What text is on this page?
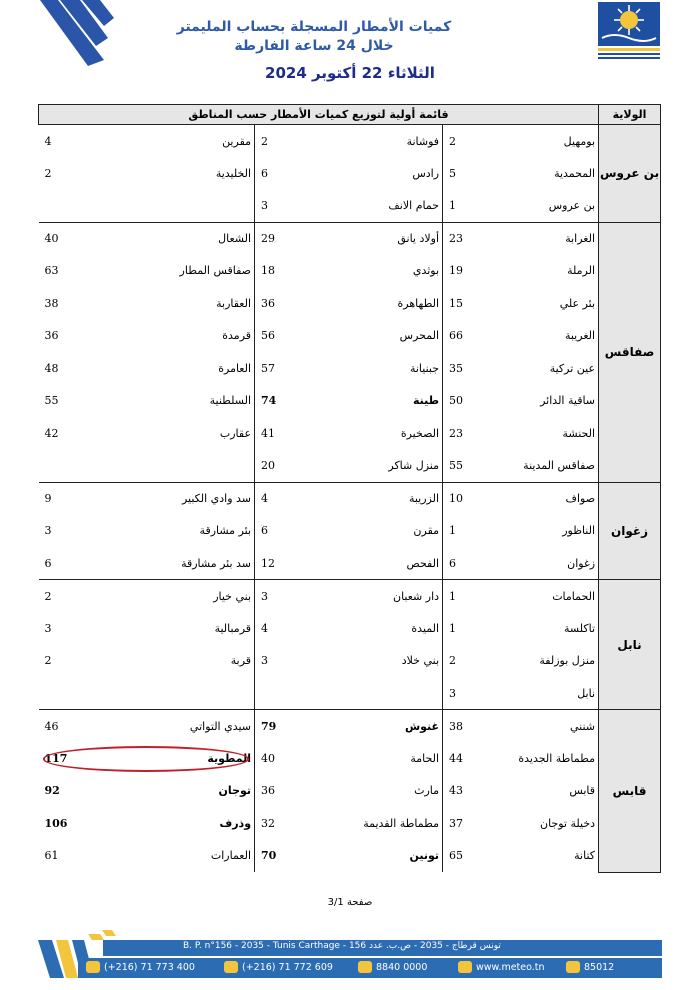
كميات الأمطار المسجلة بحساب المليمتر
خلال 24 ساعة الفارطة
الثلاثاء 22 أكتوبر 2024
الولاية	قائمة أولية لتوزيع كميات الأمطار حسب المناطق					
بن عروس	بومهيل	2	فوشانة	2	مقرين	4
	المحمدية	5	رادس	6	الخليدية	2
	بن عروس	1	حمام الانف	3		
صفاقس	الغرابة	23	أولاد يانق	29	الشعال	40
	الرملة	19	بوثدي	18	صفاقس المطار	63
	بئر علي	15	الطهاهرة	36	العقاربة	38
	الغريبة	66	المحرس	56	قرمدة	36
	عين تركية	35	جبنيانة	57	العامرة	48
	ساقية الدائر	50	طينة	74	السلطنية	55
	الحنشة	23	الصخيرة	41	عقارب	42
	صفاقس المدينة	55	منزل شاكر	20		
زغوان	صواف	10	الزريبة	4	سد وادي الكبير	9
	الناظور	1	مقرن	6	بئر مشارقة	3
	زغوان	6	الفحص	12	سد بئر مشارقة	6
نابل	الحمامات	1	دار شعبان	3	بني خيار	2
	تاكلسة	1	الميدة	4	قرمبالية	3
	منزل بوزلفة	2	بني خلاد	3	قربة	2
	نابل	3				
قابس	شنني	38	غنوش	79	سيدي التواتي	46
	مطماطة الجديدة	44	الحامة	40	المطوية	117
	قابس	43	مارث	36	توجان	92
	دخيلة توجان	37	مطماطة القديمة	32	وذرف	106
	كتانة	65	تونين	70	العمارات	61
صفحة 3/1
B. P. n°156 - 2035 - Tunis Carthage - تونس قرطاج - 2035 - ص.ب. عدد 156
(+216) 71 773 400	(+216) 71 772 609	8840 0000	www.meteo.tn	85012
